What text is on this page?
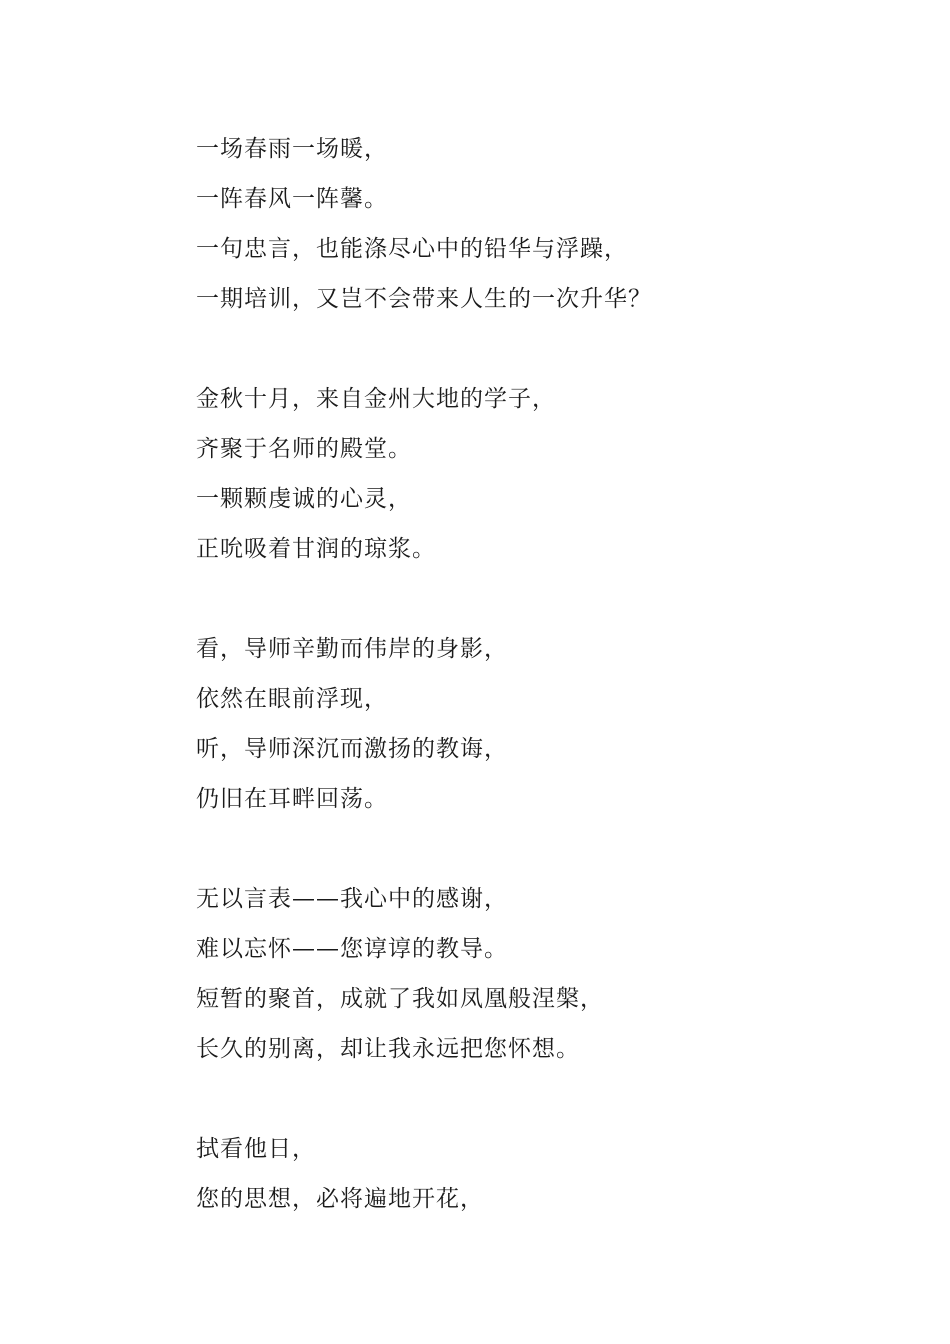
一场春雨一场暖，
一阵春风一阵馨。
一句忠言，也能涤尽心中的铅华与浮躁，
一期培训，又岂不会带来人生的一次升华？
金秋十月，来自金州大地的学子，
齐聚于名师的殿堂。
一颗颗虔诚的心灵，
正吮吸着甘润的琼浆。
看，导师辛勤而伟岸的身影，
依然在眼前浮现，
听，导师深沉而激扬的教诲，
仍旧在耳畔回荡。
无以言表——我心中的感谢，
难以忘怀——您谆谆的教导。
短暂的聚首，成就了我如凤凰般涅槃，
长久的别离，却让我永远把您怀想。
拭看他日，
您的思想，必将遍地开花，
